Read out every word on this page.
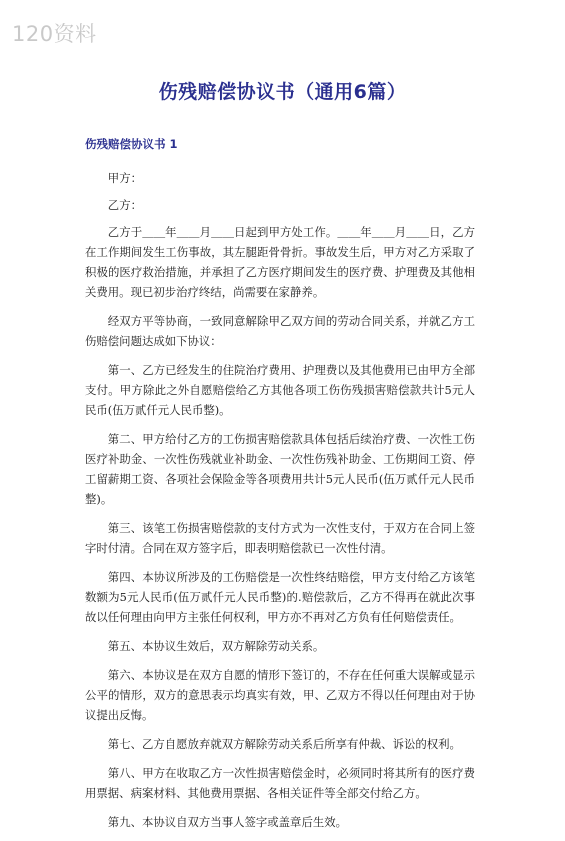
120资料
伤残赔偿协议书（通用6篇）
伤残赔偿协议书 1

甲方：

乙方：

乙方于＿＿年＿＿月＿＿日起到甲方处工作。＿＿年＿＿月＿＿日，乙方在工作期间发生工伤事故，其左腿距骨骨折。事故发生后，甲方对乙方采取了积极的医疗救治措施，并承担了乙方医疗期间发生的医疗费、护理费及其他相关费用。现已初步治疗终结，尚需要在家静养。

经双方平等协商，一致同意解除甲乙双方间的劳动合同关系，并就乙方工伤赔偿问题达成如下协议：

第一、乙方已经发生的住院治疗费用、护理费以及其他费用已由甲方全部支付。甲方除此之外自愿赔偿给乙方其他各项工伤伤残损害赔偿款共计5元人民币(伍万贰仟元人民币整)。

第二、甲方给付乙方的工伤损害赔偿款具体包括后续治疗费、一次性工伤医疗补助金、一次性伤残就业补助金、一次性伤残补助金、工伤期间工资、停工留薪期工资、各项社会保险金等各项费用共计5元人民币(伍万贰仟元人民币整)。

第三、该笔工伤损害赔偿款的支付方式为一次性支付，于双方在合同上签字时付清。合同在双方签字后，即表明赔偿款已一次性付清。

第四、本协议所涉及的工伤赔偿是一次性终结赔偿，甲方支付给乙方该笔数额为5元人民币(伍万贰仟元人民币整)的.赔偿款后，乙方不得再在就此次事故以任何理由向甲方主张任何权利，甲方亦不再对乙方负有任何赔偿责任。

第五、本协议生效后，双方解除劳动关系。

第六、本协议是在双方自愿的情形下签订的，不存在任何重大误解或显示公平的情形，双方的意思表示均真实有效，甲、乙双方不得以任何理由对于协议提出反悔。

第七、乙方自愿放弃就双方解除劳动关系后所享有仲裁、诉讼的权利。

第八、甲方在收取乙方一次性损害赔偿金时，必须同时将其所有的医疗费用票据、病案材料、其他费用票据、各相关证件等全部交付给乙方。

第九、本协议自双方当事人签字或盖章后生效。
